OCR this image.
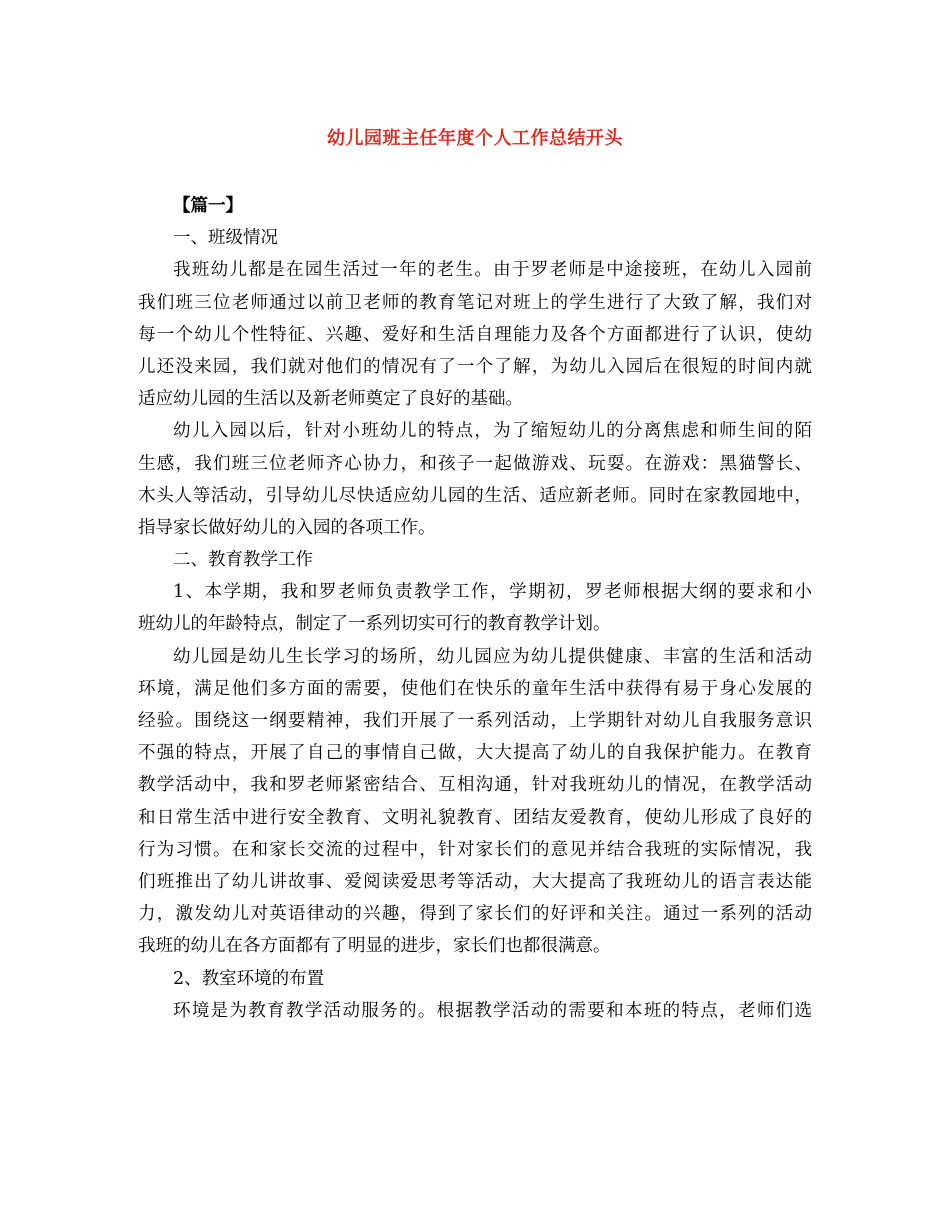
幼儿园班主任年度个人工作总结开头
【篇一】
一、班级情况
我班幼儿都是在园生活过一年的老生。由于罗老师是中途接班，在幼儿入园前
我们班三位老师通过以前卫老师的教育笔记对班上的学生进行了大致了解，我们对
每一个幼儿个性特征、兴趣、爱好和生活自理能力及各个方面都进行了认识，使幼
儿还没来园，我们就对他们的情况有了一个了解，为幼儿入园后在很短的时间内就
适应幼儿园的生活以及新老师奠定了良好的基础。
幼儿入园以后，针对小班幼儿的特点，为了缩短幼儿的分离焦虑和师生间的陌
生感，我们班三位老师齐心协力，和孩子一起做游戏、玩耍。在游戏：黑猫警长、
木头人等活动，引导幼儿尽快适应幼儿园的生活、适应新老师。同时在家教园地中，
指导家长做好幼儿的入园的各项工作。
二、教育教学工作
1、本学期，我和罗老师负责教学工作，学期初，罗老师根据大纲的要求和小
班幼儿的年龄特点，制定了一系列切实可行的教育教学计划。
幼儿园是幼儿生长学习的场所，幼儿园应为幼儿提供健康、丰富的生活和活动
环境，满足他们多方面的需要，使他们在快乐的童年生活中获得有易于身心发展的
经验。围绕这一纲要精神，我们开展了一系列活动，上学期针对幼儿自我服务意识
不强的特点，开展了自己的事情自己做，大大提高了幼儿的自我保护能力。在教育
教学活动中，我和罗老师紧密结合、互相沟通，针对我班幼儿的情况，在教学活动
和日常生活中进行安全教育、文明礼貌教育、团结友爱教育，使幼儿形成了良好的
行为习惯。在和家长交流的过程中，针对家长们的意见并结合我班的实际情况，我
们班推出了幼儿讲故事、爱阅读爱思考等活动，大大提高了我班幼儿的语言表达能
力，激发幼儿对英语律动的兴趣，得到了家长们的好评和关注。通过一系列的活动
我班的幼儿在各方面都有了明显的进步，家长们也都很满意。
2、教室环境的布置
环境是为教育教学活动服务的。根据教学活动的需要和本班的特点，老师们选
